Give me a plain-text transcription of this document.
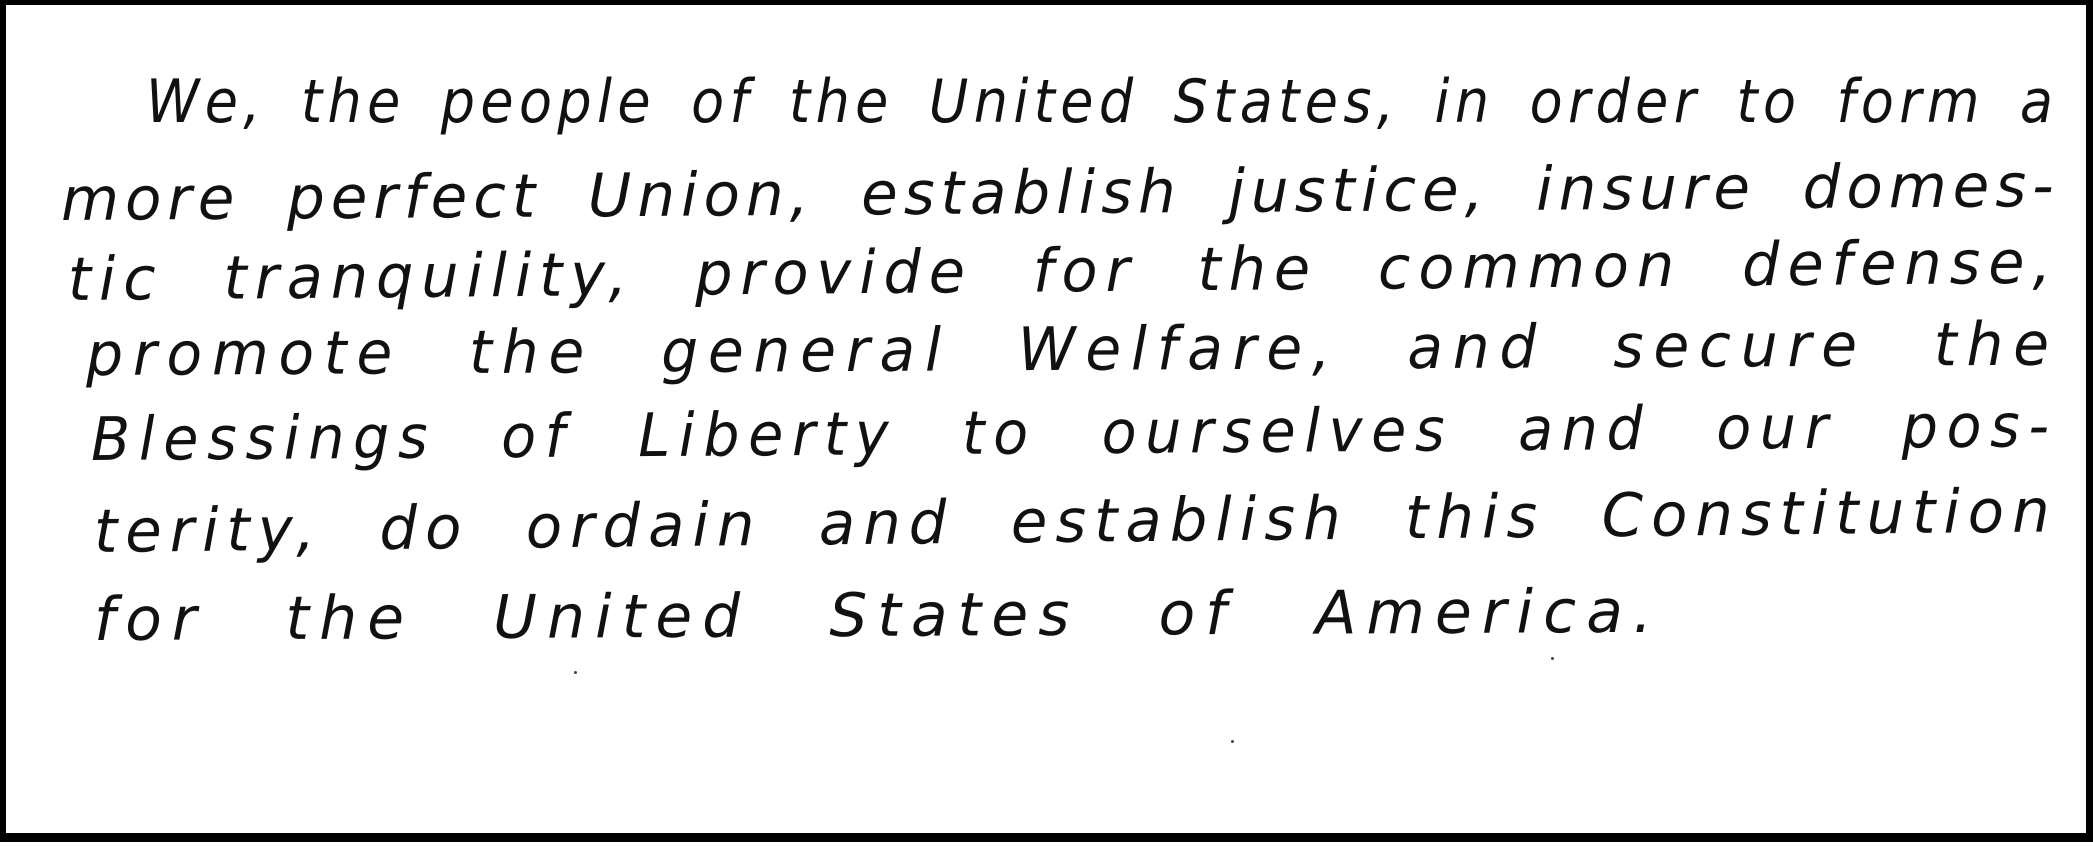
We, the people of the United States, in order to form a
more perfect Union, establish justice, insure domes-
tic tranquility, provide for the common defense,
promote the general Welfare, and secure the
Blessings of Liberty to ourselves and our pos-
terity, do ordain and establish this Constitution
for the United States of America.
